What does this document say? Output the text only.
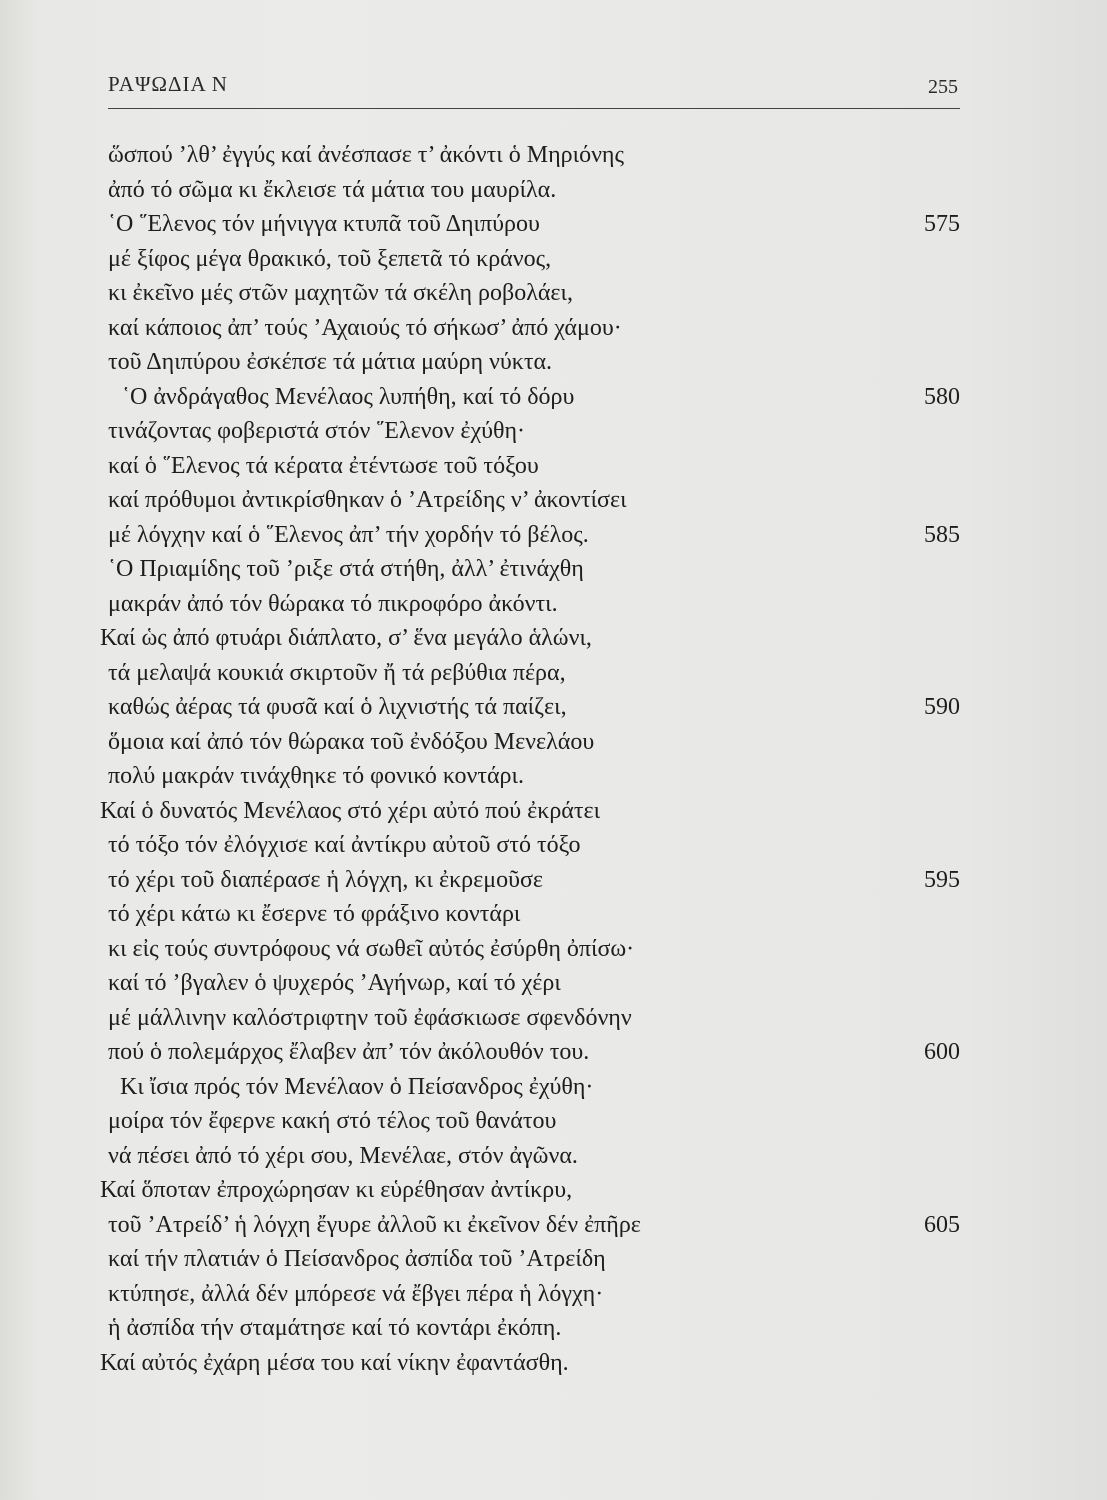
ΡΑΨΩΔΙΑ Ν	255
ὥσπού ’λθ’ ἐγγύς καί ἀνέσπασε τ’ ἀκόντι ὁ Μηριόνης
ἀπό τό σῶμα κι ἔκλεισε τά μάτια του μαυρίλα.
῾Ο ῞Ελενος τόν μήνιγγα κτυπᾶ τοῦ Δηιπύρου	575
μέ ξίφος μέγα θρακικό, τοῦ ξεπετᾶ τό κράνος,
κι ἐκεῖνο μές στῶν μαχητῶν τά σκέλη ροβολάει,
καί κάποιος ἀπ’ τούς ’Αχαιούς τό σήκωσ’ ἀπό χάμου·
τοῦ Δηιπύρου ἐσκέπσε τά μάτια μαύρη νύκτα.
῾Ο ἀνδράγαθος Μενέλαος λυπήθη, καί τό δόρυ	580
τινάζοντας φοβεριστά στόν ῞Ελενον ἐχύθη·
καί ὁ ῞Ελενος τά κέρατα ἐτέντωσε τοῦ τόξου
καί πρόθυμοι ἀντικρίσθηκαν ὁ ’Ατρείδης ν’ ἀκοντίσει
μέ λόγχην καί ὁ ῞Ελενος ἀπ’ τήν χορδήν τό βέλος.	585
῾Ο Πριαμίδης τοῦ ’ριξε στά στήθη, ἀλλ’ ἐτινάχθη
μακράν ἀπό τόν θώρακα τό πικροφόρο ἀκόντι.
Καί ὡς ἀπό φτυάρι διάπλατο, σ’ ἕνα μεγάλο ἁλώνι,
τά μελαψά κουκιά σκιρτοῦν ἤ τά ρεβύθια πέρα,
καθώς ἀέρας τά φυσᾶ καί ὁ λιχνιστής τά παίζει,	590
ὅμοια καί ἀπό τόν θώρακα τοῦ ἐνδόξου Μενελάου
πολύ μακράν τινάχθηκε τό φονικό κοντάρι.
Καί ὁ δυνατός Μενέλαος στό χέρι αὐτό πού ἐκράτει
τό τόξο τόν ἐλόγχισε καί ἀντίκρυ αὐτοῦ στό τόξο
τό χέρι τοῦ διαπέρασε ἡ λόγχη, κι ἐκρεμοῦσε	595
τό χέρι κάτω κι ἔσερνε τό φράξινο κοντάρι
κι εἰς τούς συντρόφους νά σωθεῖ αὐτός ἐσύρθη ὀπίσω·
καί τό ’βγαλεν ὁ ψυχερός ’Αγήνωρ, καί τό χέρι
μέ μάλλινην καλόστριφτην τοῦ ἐφάσκιωσε σφενδόνην
πού ὁ πολεμάρχος ἔλαβεν ἀπ’ τόν ἀκόλουθόν του.	600
Κι ἴσια πρός τόν Μενέλαον ὁ Πείσανδρος ἐχύθη·
μοίρα τόν ἔφερνε κακή στό τέλος τοῦ θανάτου
νά πέσει ἀπό τό χέρι σου, Μενέλαε, στόν ἀγῶνα.
Καί ὅποταν ἐπροχώρησαν κι εὑρέθησαν ἀντίκρυ,
τοῦ ’Ατρείδ’ ἡ λόγχη ἔγυρε ἀλλοῦ κι ἐκεῖνον δέν ἐπῆρε	605
καί τήν πλατιάν ὁ Πείσανδρος ἀσπίδα τοῦ ’Ατρείδη
κτύπησε, ἀλλά δέν μπόρεσε νά ἔβγει πέρα ἡ λόγχη·
ἡ ἀσπίδα τήν σταμάτησε καί τό κοντάρι ἐκόπη.
Καί αὐτός ἐχάρη μέσα του καί νίκην ἐφαντάσθη.
